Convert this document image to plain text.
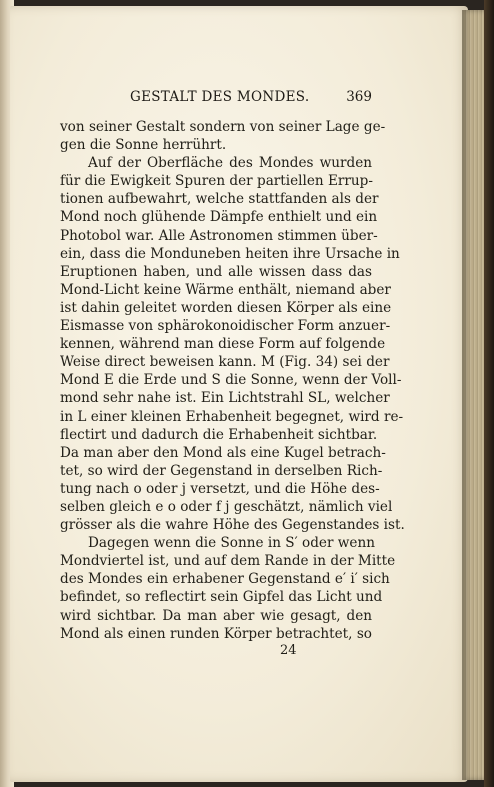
GESTALT DES MONDES.	369
von seiner Gestalt sondern von seiner Lage ge-
gen die Sonne herrührt.
Auf der Oberfläche des Mondes wurden
für die Ewigkeit Spuren der partiellen Errup-
tionen aufbewahrt, welche stattfanden als der
Mond noch glühende Dämpfe enthielt und ein
Photobol war. Alle Astronomen stimmen über-
ein, dass die Monduneben heiten ihre Ursache in
Eruptionen haben, und alle wissen dass das
Mond-Licht keine Wärme enthält, niemand aber
ist dahin geleitet worden diesen Körper als eine
Eismasse von sphärokonoidischer Form anzuer-
kennen, während man diese Form auf folgende
Weise direct beweisen kann. M (Fig. 34) sei der
Mond E die Erde und S die Sonne, wenn der Voll-
mond sehr nahe ist. Ein Lichtstrahl SL, welcher
in L einer kleinen Erhabenheit begegnet, wird re-
flectirt und dadurch die Erhabenheit sichtbar.
Da man aber den Mond als eine Kugel betrach-
tet, so wird der Gegenstand in derselben Rich-
tung nach o oder j versetzt, und die Höhe des-
selben gleich e o oder f j geschätzt, nämlich viel
grösser als die wahre Höhe des Gegenstandes ist.
Dagegen wenn die Sonne in S′ oder wenn
Mondviertel ist, und auf dem Rande in der Mitte
des Mondes ein erhabener Gegenstand e′ i′ sich
befindet, so reflectirt sein Gipfel das Licht und
wird sichtbar. Da man aber wie gesagt, den
Mond als einen runden Körper betrachtet, so
24
